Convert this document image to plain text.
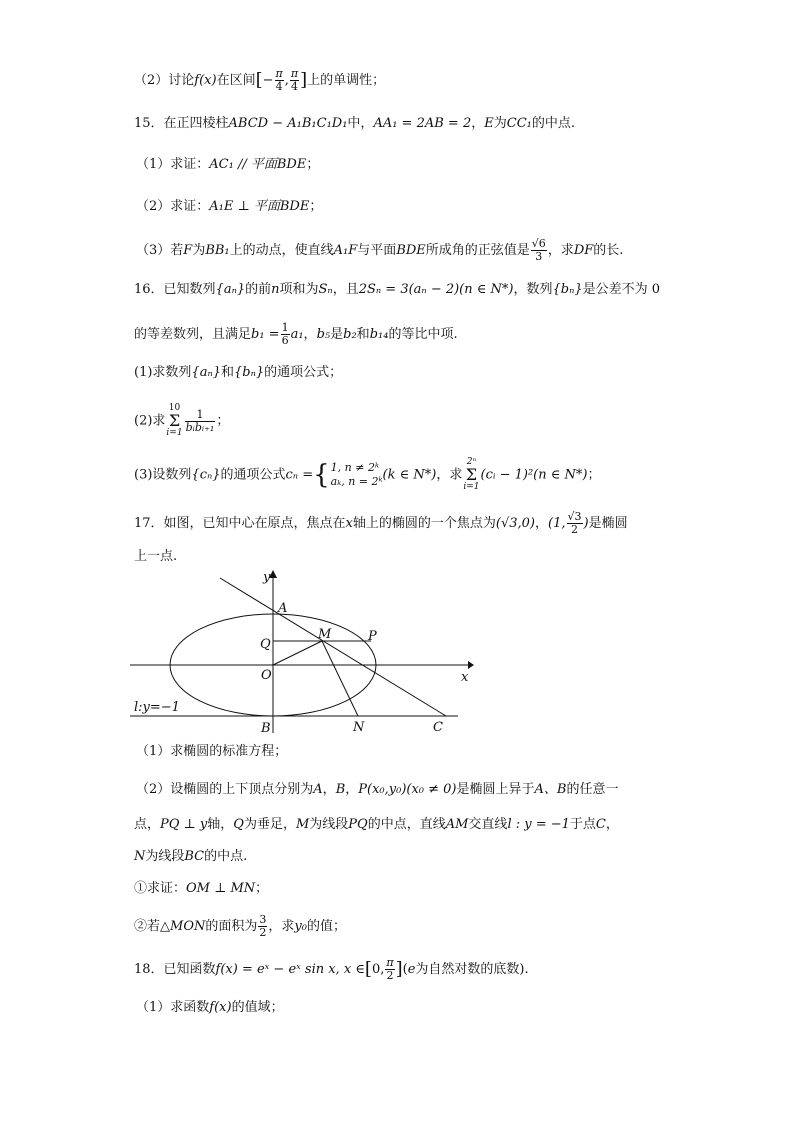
（2）讨论f(x)在区间[− $\frac{\pi}{4}$ , $\frac{\pi}{4}$ ]上的单调性；
15．在正四棱柱ABCD − A₁B₁C₁D₁中，AA₁ = 2AB = 2，E为CC₁的中点.
（1）求证：AC₁ // 平面BDE；
（2）求证：A₁E ⊥ 平面BDE；
（3）若F为BB₁上的动点，使直线A₁F与平面BDE所成角的正弦值是 $\frac{√6}{3}$ ，求DF的长.
16．已知数列{aₙ}的前n项和为Sₙ，且2Sₙ = 3(aₙ − 2)(n ∈ N*)，数列{bₙ}是公差不为 0
的等差数列，且满足$b_1 = \frac{1}{6} a_1$，b₅是b₂和b₁₄的等比中项.
(1)求数列{aₙ}和{bₙ}的通项公式；
(2)求10
Σ
$i=1 \frac{1}{\text{bᵢbᵢ₊₁}}$ ；
(3)设数列{cₙ}的通项公式cₙ ={ 1, n ≠ 2ᵏ
aₖ, n = 2ᵏ (k ∈ N*)，求2ⁿ
Σ
i=1(cᵢ − 1)²(n ∈ N*)；
17．如图，已知中心在原点，焦点在x轴上的椭圆的一个焦点为(√3,0)，(1, $\frac{√3}{2}$ )是椭圆
上一点.
y
x
A
B
Q
M	P
O
N	C
l:y=−1
（1）求椭圆的标准方程；
（2）设椭圆的上下顶点分别为A，B，P(x₀,y₀)(x₀ ≠ 0)是椭圆上异于A、B的任意一
点，PQ ⊥ y轴，Q为垂足，M为线段PQ的中点，直线AM交直线l : y = −1于点C，
N为线段BC的中点.
①求证：OM ⊥ MN；
②若△MON的面积为 $\frac{3}{2}$ ，求y₀的值；
18．已知函数f(x) = eˣ − eˣ sin x, x ∈[0, $\frac{\pi}{2} ](e$为自然对数的底数).
（1）求函数f(x)的值域；
